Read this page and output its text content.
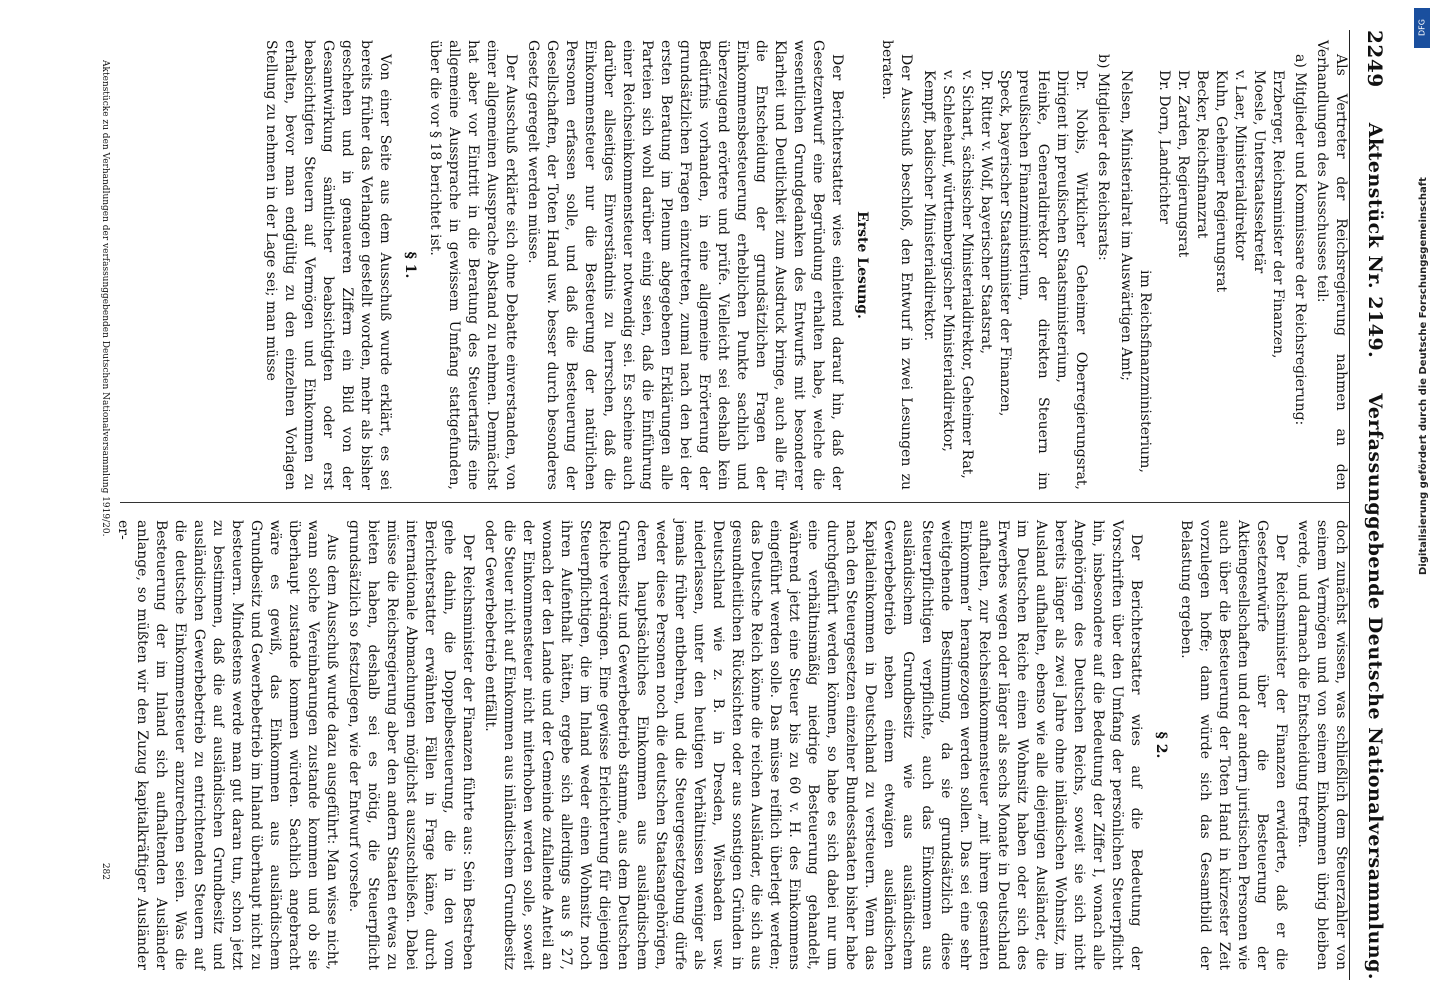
Verfassunggebende Deutsche Nationalversammlung.
Aktenstück Nr. 2149.
2249

Als Vertreter der Reichsregierung nahmen an den Verhandlungen des Ausschusses teil:

a) Mitglieder und Kommissare der Reichsregierung:

Erzberger, Reichsminister der Finanzen,
Moesle, Unterstaatssekretär
v. Laer, Ministerialdirektor
Kuhn, Geheimer Regierungsrat
Becker, Reichsfinanzrat
Dr. Zarden, Regierungsrat
Dr. Dorn, Landrichter
im Reichsfinanzministerium,
Nelsen, Ministerialrat im Auswärtigen Amt;

b) Mitglieder des Reichsrats:

Dr. Nobis, Wirklicher Geheimer Oberregierungsrat, Dirigent im preußischen Staatsministerium,
Heinke, Generaldirektor der direkten Steuern im preußischen Finanzministerium,
Speck, bayerischer Staatsminister der Finanzen,
Dr. Ritter v. Wolf, bayerischer Staatsrat,
v. Sichart, sächsischer Ministerialdirektor, Geheimer Rat,
v. Schleehauf, württembergischer Ministerialdirektor,
Kempff, badischer Ministerialdirektor.

Der Ausschuß beschloß, den Entwurf in zwei Lesungen zu beraten.

Erste Lesung.

Der Berichterstatter wies einleitend darauf hin, daß der Gesetzentwurf eine Begründung erhalten habe, welche die wesentlichen Grundgedanken des Entwurfs mit besonderer Klarheit und Deutlichkeit zum Ausdruck bringe, auch alle für die Entscheidung der grundsätzlichen Fragen der Einkommensbesteuerung erheblichen Punkte sachlich und überzeugend erörtere und prüfe. Vielleicht sei deshalb kein Bedürfnis vorhanden, in eine allgemeine Erörterung der grundsätzlichen Fragen einzutreten, zumal nach den bei der ersten Beratung im Plenum abgegebenen Erklärungen alle Parteien sich wohl darüber einig seien, daß die Einführung einer Reichseinkommensteuer notwendig sei. Es scheine auch darüber allseitiges Einverständnis zu herrschen, daß die Einkommensteuer nur die Besteuerung der natürlichen Personen erfassen solle, und daß die Besteuerung der Gesellschaften, der Toten Hand usw. besser durch besonderes Gesetz geregelt werden müsse.

Der Ausschuß erklärte sich ohne Debatte einverstanden, von einer allgemeinen Aussprache Abstand zu nehmen. Demnächst hat aber vor Eintritt in die Beratung des Steuertarifs eine allgemeine Aussprache in gewissem Umfang stattgefunden, über die vor § 18 berichtet ist.

§ 1.

Von einer Seite aus dem Ausschuß wurde erklärt, es sei bereits früher das Verlangen gestellt worden, mehr als bisher geschehen und in genaueren Ziffern ein Bild von der Gesamtwirkung sämtlicher beabsichtigten oder erst beabsichtigten Steuern auf Vermögen und Einkommen zu erhalten, bevor man endgültig zu den einzelnen Vorlagen Stellung zu nehmen in der Lage sei; man müsse

doch zunächst wissen, was schließlich dem Steuerzahler von seinem Vermögen und von seinem Einkommen übrig bleiben werde, und darnach die Entscheidung treffen.

Der Reichsminister der Finanzen erwiderte, daß er die Gesetzentwürfe über die Besteuerung der Aktiengesellschaften und der andern juristischen Personen wie auch über die Besteuerung der Toten Hand in kürzester Zeit vorzulegen hoffe; dann würde sich das Gesamtbild der Belastung ergeben.

§ 2.

Der Berichterstatter wies auf die Bedeutung der Vorschriften über den Umfang der persönlichen Steuerpflicht hin, insbesondere auf die Bedeutung der Ziffer I, wonach alle Angehörigen des Deutschen Reichs, soweit sie sich nicht bereits länger als zwei Jahre ohne inländischen Wohnsitz, im Ausland aufhalten, ebenso wie alle diejenigen Ausländer, die im Deutschen Reiche einen Wohnsitz haben oder sich des Erwerbes wegen oder länger als sechs Monate in Deutschland aufhalten, zur Reichseinkommensteuer „mit ihrem gesamten Einkommen“ herangezogen werden sollen. Das sei eine sehr weitgehende Bestimmung, da sie grundsätzlich diese Steuerpflichtigen verpflichte, auch das Einkommen aus ausländischem Grundbesitz wie aus ausländischem Gewerbebetrieb neben einem etwaigen ausländischen Kapitaleinkommen in Deutschland zu versteuern. Wenn das nach den Steuergesetzen einzelner Bundesstaaten bisher habe durchgeführt werden können, so habe es sich dabei nur um eine verhältnismäßig niedrige Besteuerung gehandelt, während jetzt eine Steuer bis zu 60 v. H. des Einkommens eingeführt werden solle. Das müsse reiflich überlegt werden; das Deutsche Reich könne die reichen Ausländer, die sich aus gesundheitlichen Rücksichten oder aus sonstigen Gründen in Deutschland wie z. B. in Dresden, Wiesbaden usw. niederlassen, unter den heutigen Verhältnissen weniger als jemals früher entbehren, und die Steuergesetzgebung dürfe weder diese Personen noch die deutschen Staatsangehörigen, deren hauptsächliches Einkommen aus ausländischem Grundbesitz und Gewerbebetrieb stamme, aus dem Deutschen Reiche verdrängen. Eine gewisse Erleichterung für diejenigen Steuerpflichtigen, die im Inland weder einen Wohnsitz noch ihren Aufenthalt hätten, ergebe sich allerdings aus § 27, wonach der den Lande und der Gemeinde zufallende Anteil an der Einkommensteuer nicht miterhoben werden solle, soweit die Steuer nicht auf Einkommen aus inländischem Grundbesitz oder Gewerbebetrieb entfällt.

Der Reichsminister der Finanzen führte aus: Sein Bestreben gehe dahin, die Doppelbesteuerung, die in den vom Berichterstatter erwähnten Fällen in Frage käme, durch internationale Abmachungen möglichst auszuschließen. Dabei müsse die Reichsregierung aber den andern Staaten etwas zu bieten haben, deshalb sei es nötig, die Steuerpflicht grundsätzlich so festzulegen, wie der Entwurf vorsehe.

Aus dem Ausschuß wurde dazu ausgeführt: Man wisse nicht, wann solche Vereinbarungen zustande kommen und ob sie überhaupt zustande kommen würden. Sachlich angebracht wäre es gewiß, das Einkommen aus ausländischem Grundbesitz und Gewerbebetrieb im Inland überhaupt nicht zu besteuern. Mindestens werde man gut daran tun, schon jetzt zu bestimmen, daß die auf ausländischen Grundbesitz und ausländischen Gewerbebetrieb zu entrichtenden Steuern auf die deutsche Einkommensteuer anzurechnen seien. Was die Besteuerung der im Inland sich aufhaltenden Ausländer anlange, so müßten wir den Zuzug kapitalkräftiger Ausländer er-

Aktenstücke zu den Verhandlungen der verfassunggebenden Deutschen Nationalversammlung 1919/20.
282
DFG
Digitalisierung gefördert durch die Deutsche Forschungsgemeinschaft
